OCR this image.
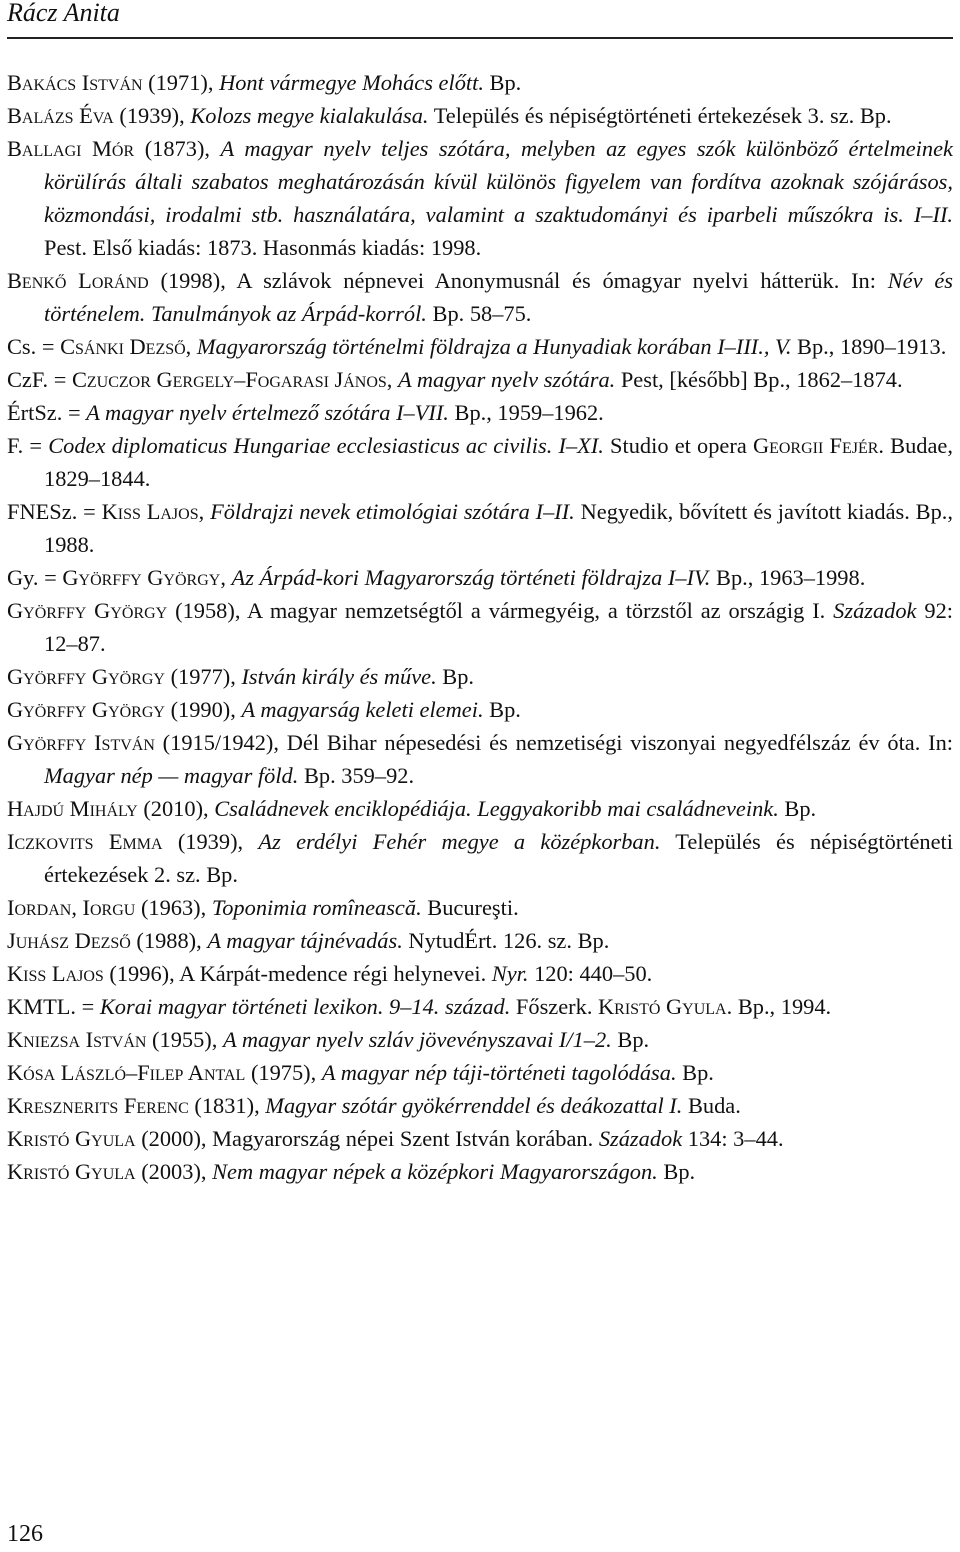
Rácz Anita
Bakács István (1971), Hont vármegye Mohács előtt. Bp.
Balázs Éva (1939), Kolozs megye kialakulása. Település és népiségtörténeti értekezések 3. sz. Bp.
Ballagi Mór (1873), A magyar nyelv teljes szótára, melyben az egyes szók különböző értelmeinek körülírás általi szabatos meghatározásán kívül különös figyelem van fordítva azoknak szójárásos, közmondási, irodalmi stb. használatára, valamint a szaktudományi és iparbeli műszókra is. I–II. Pest. Első kiadás: 1873. Hasonmás kiadás: 1998.
Benkő Loránd (1998), A szlávok népnevei Anonymusnál és ómagyar nyelvi hátterük. In: Név és történelem. Tanulmányok az Árpád-korról. Bp. 58–75.
Cs. = Csánki Dezső, Magyarország történelmi földrajza a Hunyadiak korában I–III., V. Bp., 1890–1913.
CzF. = Czuczor Gergely–Fogarasi János, A magyar nyelv szótára. Pest, [később] Bp., 1862–1874.
ÉrtSz. = A magyar nyelv értelmező szótára I–VII. Bp., 1959–1962.
F. = Codex diplomaticus Hungariae ecclesiasticus ac civilis. I–XI. Studio et opera Georgii Fejér. Budae, 1829–1844.
FNESz. = Kiss Lajos, Földrajzi nevek etimológiai szótára I–II. Negyedik, bővített és javított kiadás. Bp., 1988.
Gy. = Györffy György, Az Árpád-kori Magyarország történeti földrajza I–IV. Bp., 1963–1998.
Györffy György (1958), A magyar nemzetségtől a vármegyéig, a törzstől az országig I. Századok 92: 12–87.
Györffy György (1977), István király és műve. Bp.
Györffy György (1990), A magyarság keleti elemei. Bp.
Györffy István (1915/1942), Dél Bihar népesedési és nemzetiségi viszonyai negyedfélszáz év óta. In: Magyar nép — magyar föld. Bp. 359–92.
Hajdú Mihály (2010), Családnevek enciklopédiája. Leggyakoribb mai családneveink. Bp.
Iczkovits Emma (1939), Az erdélyi Fehér megye a középkorban. Település és népiségtörténeti értekezések 2. sz. Bp.
Iordan, Iorgu (1963), Toponimia romînească. Bucureşti.
Juhász Dezső (1988), A magyar tájnévadás. NytudÉrt. 126. sz. Bp.
Kiss Lajos (1996), A Kárpát-medence régi helynevei. Nyr. 120: 440–50.
KMTL. = Korai magyar történeti lexikon. 9–14. század. Főszerk. Kristó Gyula. Bp., 1994.
Kniezsa István (1955), A magyar nyelv szláv jövevényszavai I/1–2. Bp.
Kósa László–Filep Antal (1975), A magyar nép táji-történeti tagolódása. Bp.
Kresznerits Ferenc (1831), Magyar szótár gyökérrenddel és deákozattal I. Buda.
Kristó Gyula (2000), Magyarország népei Szent István korában. Századok 134: 3–44.
Kristó Gyula (2003), Nem magyar népek a középkori Magyarországon. Bp.
126
